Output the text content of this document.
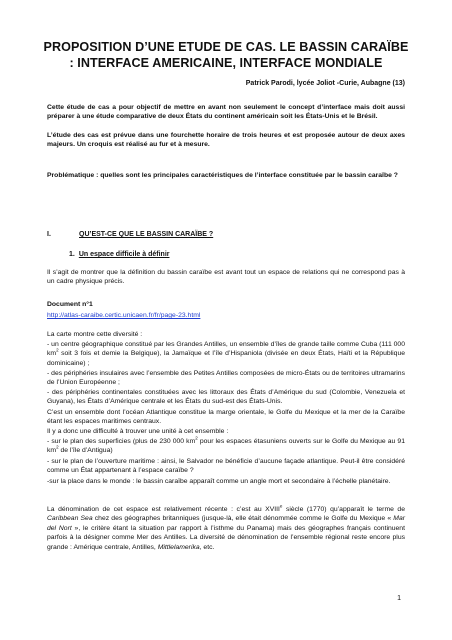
PROPOSITION D’UNE ETUDE DE CAS. LE BASSIN CARAÏBE : INTERFACE AMERICAINE, INTERFACE MONDIALE
Patrick Parodi, lycée Joliot -Curie, Aubagne (13)
Cette étude de cas a pour objectif de mettre en avant non seulement le concept d’interface mais doit aussi préparer à une étude comparative de deux États du continent américain soit les États-Unis et le Brésil.
L’étude des cas est prévue dans une fourchette horaire de trois heures et est proposée autour de deux axes majeurs. Un croquis est réalisé au fur et à mesure.
Problématique : quelles sont les principales caractéristiques de l’interface constituée par le bassin caraïbe ?
I.	QU’EST-CE QUE LE BASSIN CARAÏBE ?
1. Un espace difficile à définir
Il s’agit de montrer que la définition du bassin caraïbe est avant tout un espace de relations qui ne correspond pas à un cadre physique précis.
Document n°1
http://atlas-caraibe.certic.unicaen.fr/fr/page-23.html
La carte montre cette diversité :
- un centre géographique constitué par les Grandes Antilles, un ensemble d’îles de grande taille comme Cuba (111 000 $km^2$ soit 3 fois et demie la Belgique), la Jamaïque et l’île d’Hispaniola (divisée en deux États, Haïti et la République dominicaine) ;
- des périphéries insulaires avec l’ensemble des Petites Antilles composées de micro-États ou de territoires ultramarins de l’Union Européenne ;
- des périphéries continentales constituées avec les littoraux des États d’Amérique du sud (Colombie, Venezuela et Guyana), les États d’Amérique centrale et les États du sud-est des États-Unis.
C’est un ensemble dont l’océan Atlantique constitue la marge orientale, le Golfe du Mexique et la mer de la Caraïbe étant les espaces maritimes centraux.
Il y a donc une difficulté à trouver une unité à cet ensemble :
- sur le plan des superficies (plus de 230 000 $km^2$ pour les espaces étasuniens ouverts sur le Golfe du Mexique au 91 $km^2$ de l’île d’Antigua)
- sur le plan de l’ouverture maritime : ainsi, le Salvador ne bénéficie d’aucune façade atlantique. Peut-il être considéré comme un État appartenant à l’espace caraïbe ?
-sur la place dans le monde : le bassin caraïbe apparaît comme un angle mort et secondaire à l’échelle planétaire.
La dénomination de cet espace est relativement récente : c’est au XVIIIe siècle (1770) qu’apparaît le terme de Caribbean Sea chez des géographes britanniques (jusque-là, elle était dénommée comme le Golfe du Mexique « Mar del Nort », le critère étant la situation par rapport à l’isthme du Panama) mais des géographes français continuent parfois à la désigner comme Mer des Antilles. La diversité de dénomination de l’ensemble régional reste encore plus grande : Amérique centrale, Antilles, Mittlelamerika, etc.
1
